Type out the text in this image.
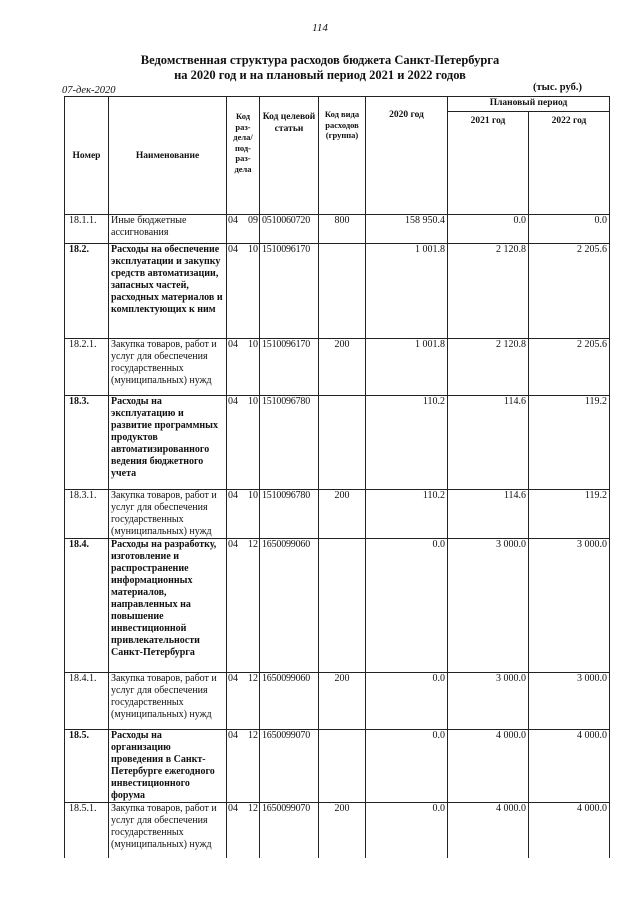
114
Ведомственная структура расходов бюджета Санкт-Петербурга
на 2020 год и на плановый период 2021 и 2022 годов
07-дек-2020	(тыс. руб.)
Номер	Наименование	Код раз- дела/ под- раз- дела	Код целевой статьи	Код вида расходов (группа)	2020 год	Плановый период	
						2021 год	2022 год
18.1.1.	Иные бюджетные ассигнования	04 09	0510060720	800	158 950.4	0.0	0.0
18.2.	Расходы на обеспечение эксплуатации и закупку средств автоматизации, запасных частей, расходных материалов и комплектующих к ним	04 10	1510096170		1 001.8	2 120.8	2 205.6
18.2.1.	Закупка товаров, работ и услуг для обеспечения государственных (муниципальных) нужд	04 10	1510096170	200	1 001.8	2 120.8	2 205.6
18.3.	Расходы на эксплуатацию и развитие программных продуктов автоматизированного ведения бюджетного учета	04 10	1510096780		110.2	114.6	119.2
18.3.1.	Закупка товаров, работ и услуг для обеспечения государственных (муниципальных) нужд	04 10	1510096780	200	110.2	114.6	119.2
18.4.	Расходы на разработку, изготовление и распространение информационных материалов, направленных на повышение инвестиционной привлекательности Санкт-Петербурга	04 12	1650099060		0.0	3 000.0	3 000.0
18.4.1.	Закупка товаров, работ и услуг для обеспечения государственных (муниципальных) нужд	04 12	1650099060	200	0.0	3 000.0	3 000.0
18.5.	Расходы на организацию проведения в Санкт-Петербурге ежегодного инвестиционного форума	04 12	1650099070		0.0	4 000.0	4 000.0
18.5.1.	Закупка товаров, работ и услуг для обеспечения государственных (муниципальных) нужд	04 12	1650099070	200	0.0	4 000.0	4 000.0
